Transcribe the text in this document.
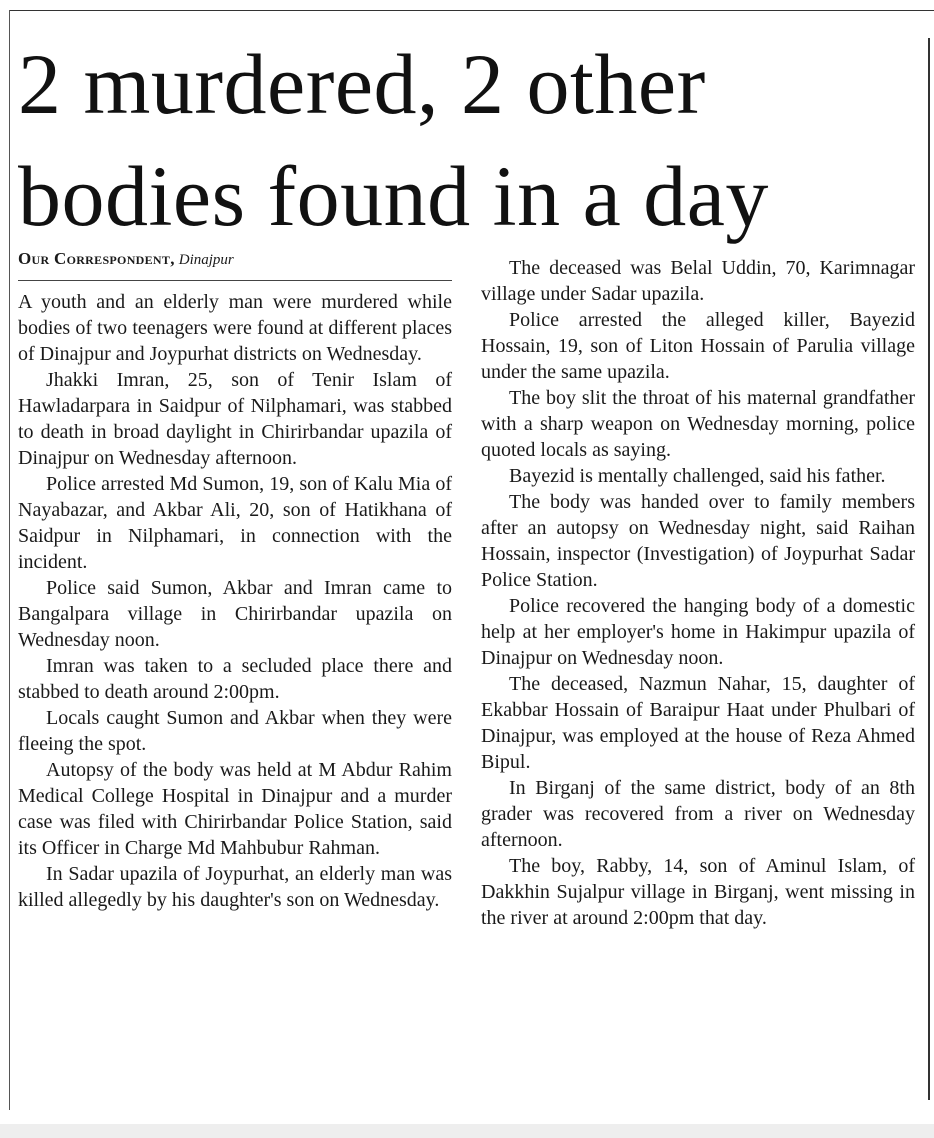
2 murdered, 2 other
bodies found in a day
Our Correspondent, Dinajpur

A youth and an elderly man were murdered while bodies of two teenagers were found at different places of Dinajpur and Joypurhat districts on Wednesday.

Jhakki Imran, 25, son of Tenir Islam of Hawladarpara in Saidpur of Nilphamari, was stabbed to death in broad daylight in Chirirbandar upazila of Dinajpur on Wednesday afternoon.

Police arrested Md Sumon, 19, son of Kalu Mia of Nayabazar, and Akbar Ali, 20, son of Hatikhana of Saidpur in Nilphamari, in connection with the incident.

Police said Sumon, Akbar and Imran came to Bangalpara village in Chirirbandar upazila on Wednesday noon.

Imran was taken to a secluded place there and stabbed to death around 2:00pm.

Locals caught Sumon and Akbar when they were fleeing the spot.

Autopsy of the body was held at M Abdur Rahim Medical College Hospital in Dinajpur and a murder case was filed with Chirirbandar Police Station, said its Officer in Charge Md Mahbubur Rahman.

In Sadar upazila of Joypurhat, an elderly man was killed allegedly by his daughter's son on Wednesday.

The deceased was Belal Uddin, 70, Karimnagar village under Sadar upazila.

Police arrested the alleged killer, Bayezid Hossain, 19, son of Liton Hossain of Parulia village under the same upazila.

The boy slit the throat of his maternal grandfather with a sharp weapon on Wednesday morning, police quoted locals as saying.

Bayezid is mentally challenged, said his father.

The body was handed over to family members after an autopsy on Wednesday night, said Raihan Hossain, inspector (Investigation) of Joypurhat Sadar Police Station.

Police recovered the hanging body of a domestic help at her employer's home in Hakimpur upazila of Dinajpur on Wednesday noon.

The deceased, Nazmun Nahar, 15, daughter of Ekabbar Hossain of Baraipur Haat under Phulbari of Dinajpur, was employed at the house of Reza Ahmed Bipul.

In Birganj of the same district, body of an 8th grader was recovered from a river on Wednesday afternoon.

The boy, Rabby, 14, son of Aminul Islam, of Dakkhin Sujalpur village in Birganj, went missing in the river at around 2:00pm that day.
